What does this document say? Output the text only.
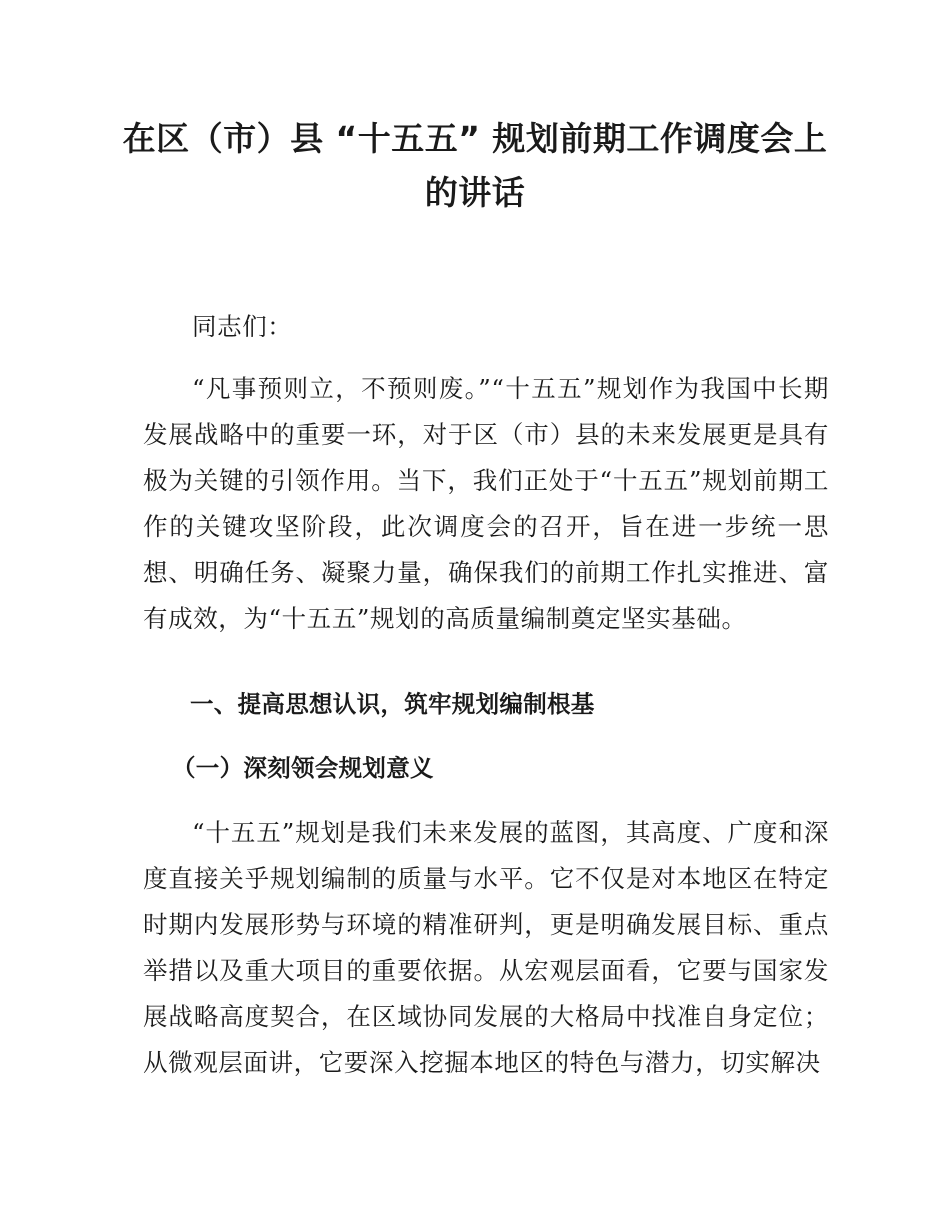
在区（市）县 “十五五” 规划前期工作调度会上的讲话

同志们：

“凡事预则立，不预则废。”“十五五”规划作为我国中长期发展战略中的重要一环，对于区（市）县的未来发展更是具有极为关键的引领作用。当下，我们正处于“十五五”规划前期工作的关键攻坚阶段，此次调度会的召开，旨在进一步统一思想、明确任务、凝聚力量，确保我们的前期工作扎实推进、富有成效，为“十五五”规划的高质量编制奠定坚实基础。

一、提高思想认识，筑牢规划编制根基
（一）深刻领会规划意义

“十五五”规划是我们未来发展的蓝图，其高度、广度和深度直接关乎规划编制的质量与水平。它不仅是对本地区在特定时期内发展形势与环境的精准研判，更是明确发展目标、重点举措以及重大项目的重要依据。从宏观层面看，它要与国家发展战略高度契合，在区域协同发展的大格局中找准自身定位；从微观层面讲，它要深入挖掘本地区的特色与潜力，切实解决
